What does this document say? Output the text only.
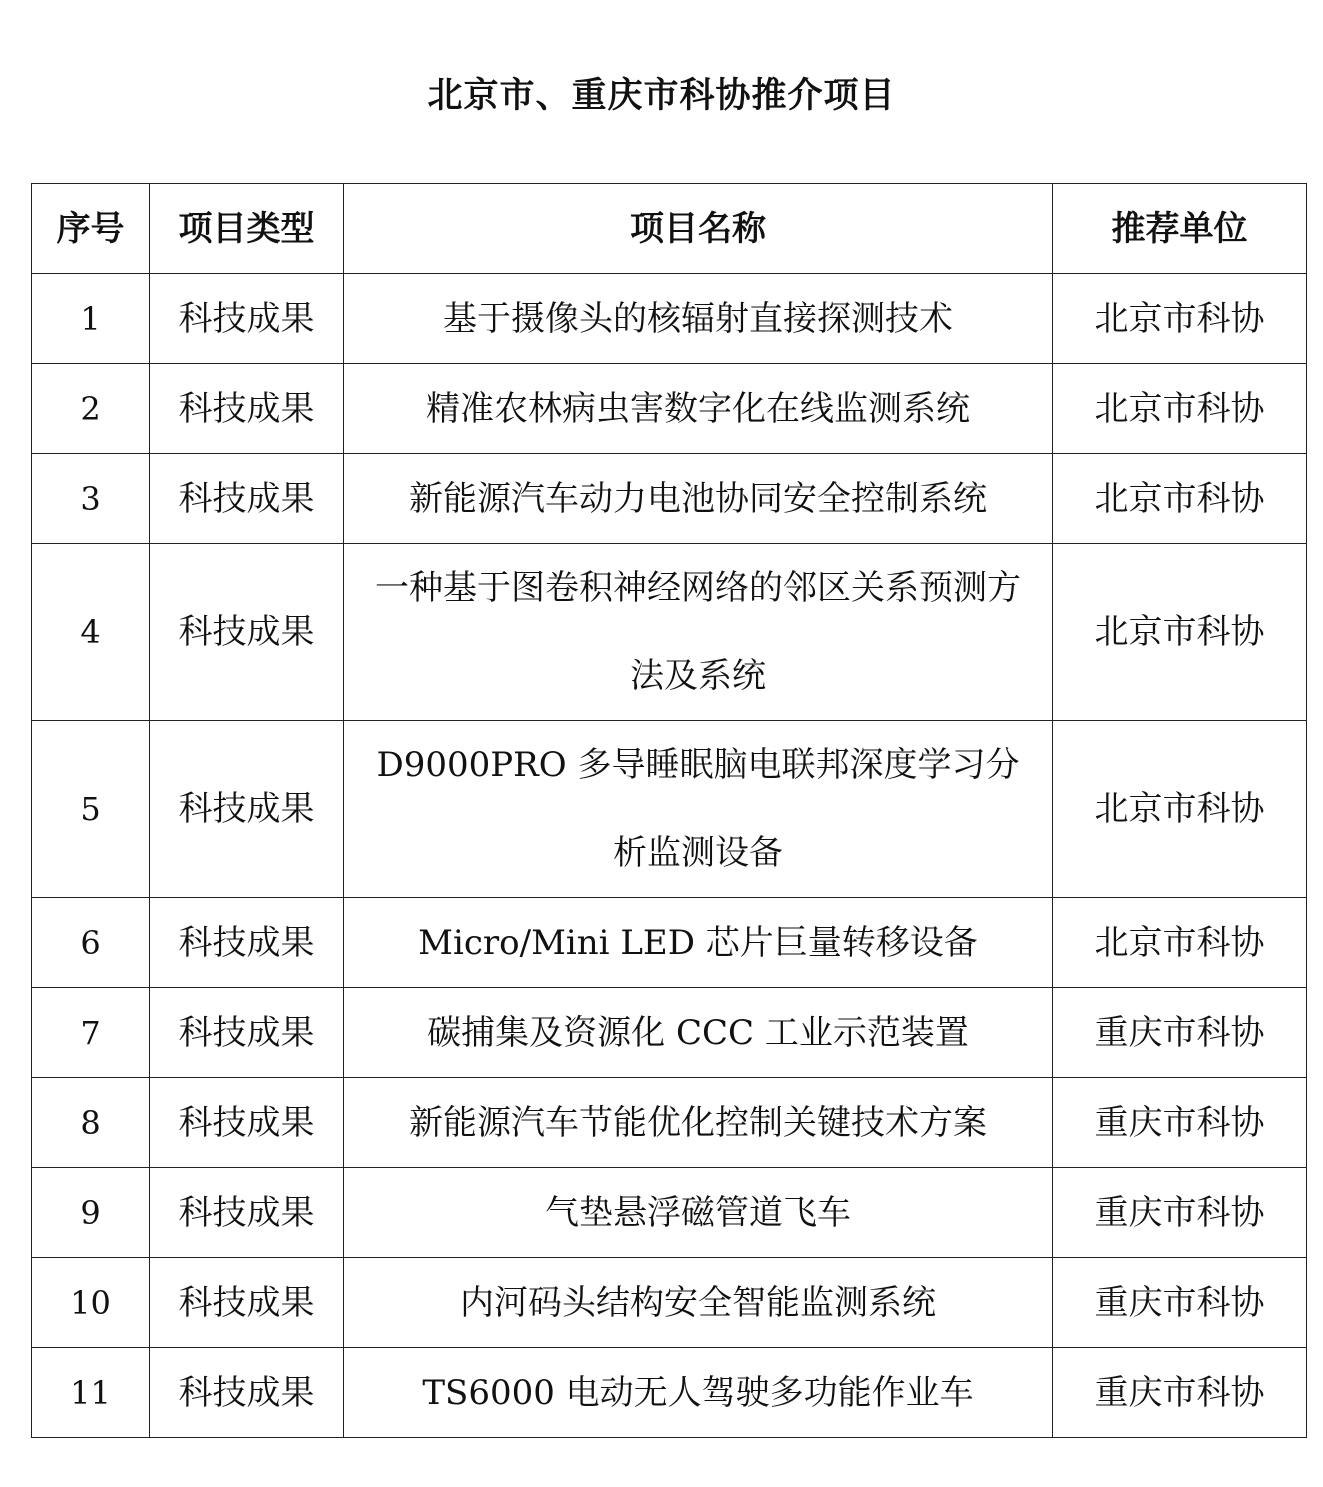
北京市、重庆市科协推介项目
序号	项目类型	项目名称	推荐单位
1	科技成果	基于摄像头的核辐射直接探测技术	北京市科协
2	科技成果	精准农林病虫害数字化在线监测系统	北京市科协
3	科技成果	新能源汽车动力电池协同安全控制系统	北京市科协
4	科技成果	一种基于图卷积神经网络的邻区关系预测方法及系统	北京市科协
5	科技成果	D9000PRO 多导睡眠脑电联邦深度学习分析监测设备	北京市科协
6	科技成果	Micro/Mini LED 芯片巨量转移设备	北京市科协
7	科技成果	碳捕集及资源化 CCC 工业示范装置	重庆市科协
8	科技成果	新能源汽车节能优化控制关键技术方案	重庆市科协
9	科技成果	气垫悬浮磁管道飞车	重庆市科协
10	科技成果	内河码头结构安全智能监测系统	重庆市科协
11	科技成果	TS6000 电动无人驾驶多功能作业车	重庆市科协
